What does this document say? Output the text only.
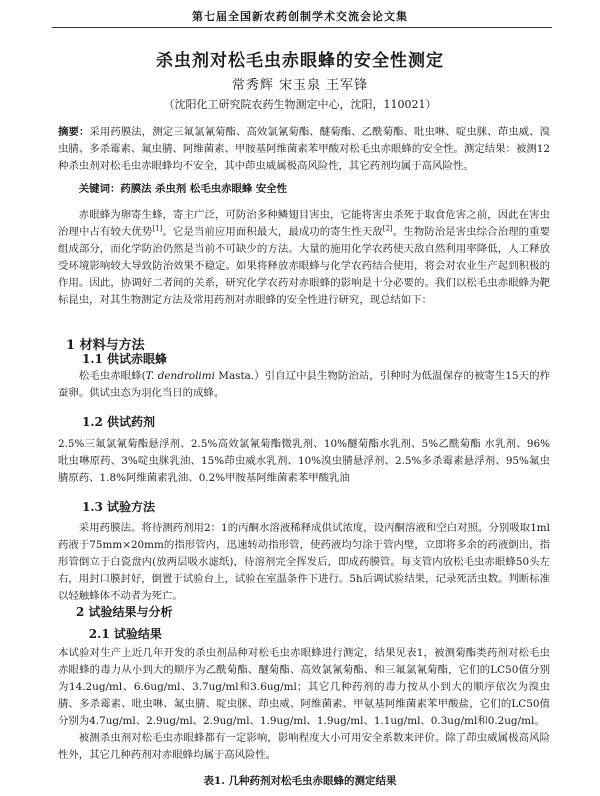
第七届全国新农药创制学术交流会论文集
杀虫剂对松毛虫赤眼蜂的安全性测定
常秀辉 宋玉泉 王军锋
（沈阳化工研究院农药生物测定中心，沈阳，110021）
摘要：采用药膜法，测定三氟氯氰菊酯、高效氯氰菊酯、醚菊酯、乙酰菊酯、吡虫啉、啶虫脒、茚虫威、溴虫腈、多杀霉素、氟虫腈、阿维菌素、甲胺基阿维菌素苯甲酸对松毛虫赤眼蜂的安全性。测定结果：被测12种杀虫剂对松毛虫赤眼蜂均不安全，其中茚虫威属极高风险性，其它药剂均属于高风险性。
关键词：药膜法 杀虫剂 松毛虫赤眼蜂 安全性
赤眼蜂为卵寄生蜂，寄主广泛，可防治多种鳞翅目害虫，它能将害虫杀死于取食危害之前，因此在害虫治理中占有较大优势[1]。它是当前应用面积最大，最成功的寄生性天敌[2]。生物防治是害虫综合治理的重要组成部分，而化学防治仍然是当前不可缺少的方法。大量的施用化学农药使天敌自然利用率降低，人工释放受环境影响较大导致防治效果不稳定。如果将释放赤眼蜂与化学农药结合使用，将会对农业生产起到积极的作用。因此，协调好二者间的关系，研究化学农药对赤眼蜂的影响是十分必要的。我们以松毛虫赤眼蜂为靶标昆虫，对其生物测定方法及常用药剂对赤眼蜂的安全性进行研究，现总结如下：
1 材料与方法
1.1 供试赤眼蜂
松毛虫赤眼蜂(T. dendrolimi Masta.）引自辽中县生物防治站，引种时为低温保存的被寄生15天的柞蚕卵。供试虫态为羽化当日的成蜂。
1.2 供试药剂
2.5%三氟氯氰菊酯悬浮剂、2.5%高效氯氰菊酯微乳剂、10%醚菊酯水乳剂、5%乙酰菊酯 水乳剂、96%吡虫啉原药、3%啶虫脒乳油、15%茚虫威水乳剂、10%溴虫腈悬浮剂、2.5%多杀霉素悬浮剂、95%氟虫腈原药、1.8%阿维菌素乳油、0.2%甲胺基阿维菌素苯甲酸乳油
1.3 试验方法
采用药膜法。将待测药剂用2：1的丙酮水溶液稀释成供试浓度，设丙酮溶液和空白对照。分别吸取1ml药液于75mm×20mm的指形管内，迅速转动指形管，使药液均匀涂于管内壁，立即将多余的药液倒出，指形管倒立于白瓷盘内(放两层吸水滤纸)，待溶剂完全挥发后，即成药膜管。每支管内放松毛虫赤眼蜂50头左右，用封口膜封好，倒置于试验台上，试验在室温条件下进行。5h后调试验结果，记录死活虫数。判断标准以轻触蜂体不动者为死亡。
2 试验结果与分析
2.1 试验结果
本试验对生产上近几年开发的杀虫剂品种对松毛虫赤眼蜂进行测定，结果见表1，被测菊酯类药剂对松毛虫赤眼蜂的毒力从小到大的顺序为乙酰菊酯、醚菊酯、高效氯氰菊酯、和三氟氯氰菊酯，它们的LC50值分别为14.2ug/ml、6.6ug/ml、3.7ug/ml和3.6ug/ml；其它几种药剂的毒力按从小到大的顺序依次为溴虫腈、多杀霉素、吡虫啉、氟虫腈、啶虫脒、茚虫威、阿维菌素、甲氨基阿维菌素苯甲酸盐，它们的LC50值分别为4.7ug/ml、2.9ug/ml、2.9ug/ml、1.9ug/ml、1.9ug/ml、1.1ug/ml、0.3ug/ml和0.2ug/ml。
被测杀虫剂对松毛虫赤眼蜂都有一定影响，影响程度大小可用安全系数来评价。除了茚虫威属极高风险性外，其它几种药剂对赤眼蜂均属于高风险性。
表1. 几种药剂对松毛虫赤眼蜂的测定结果
